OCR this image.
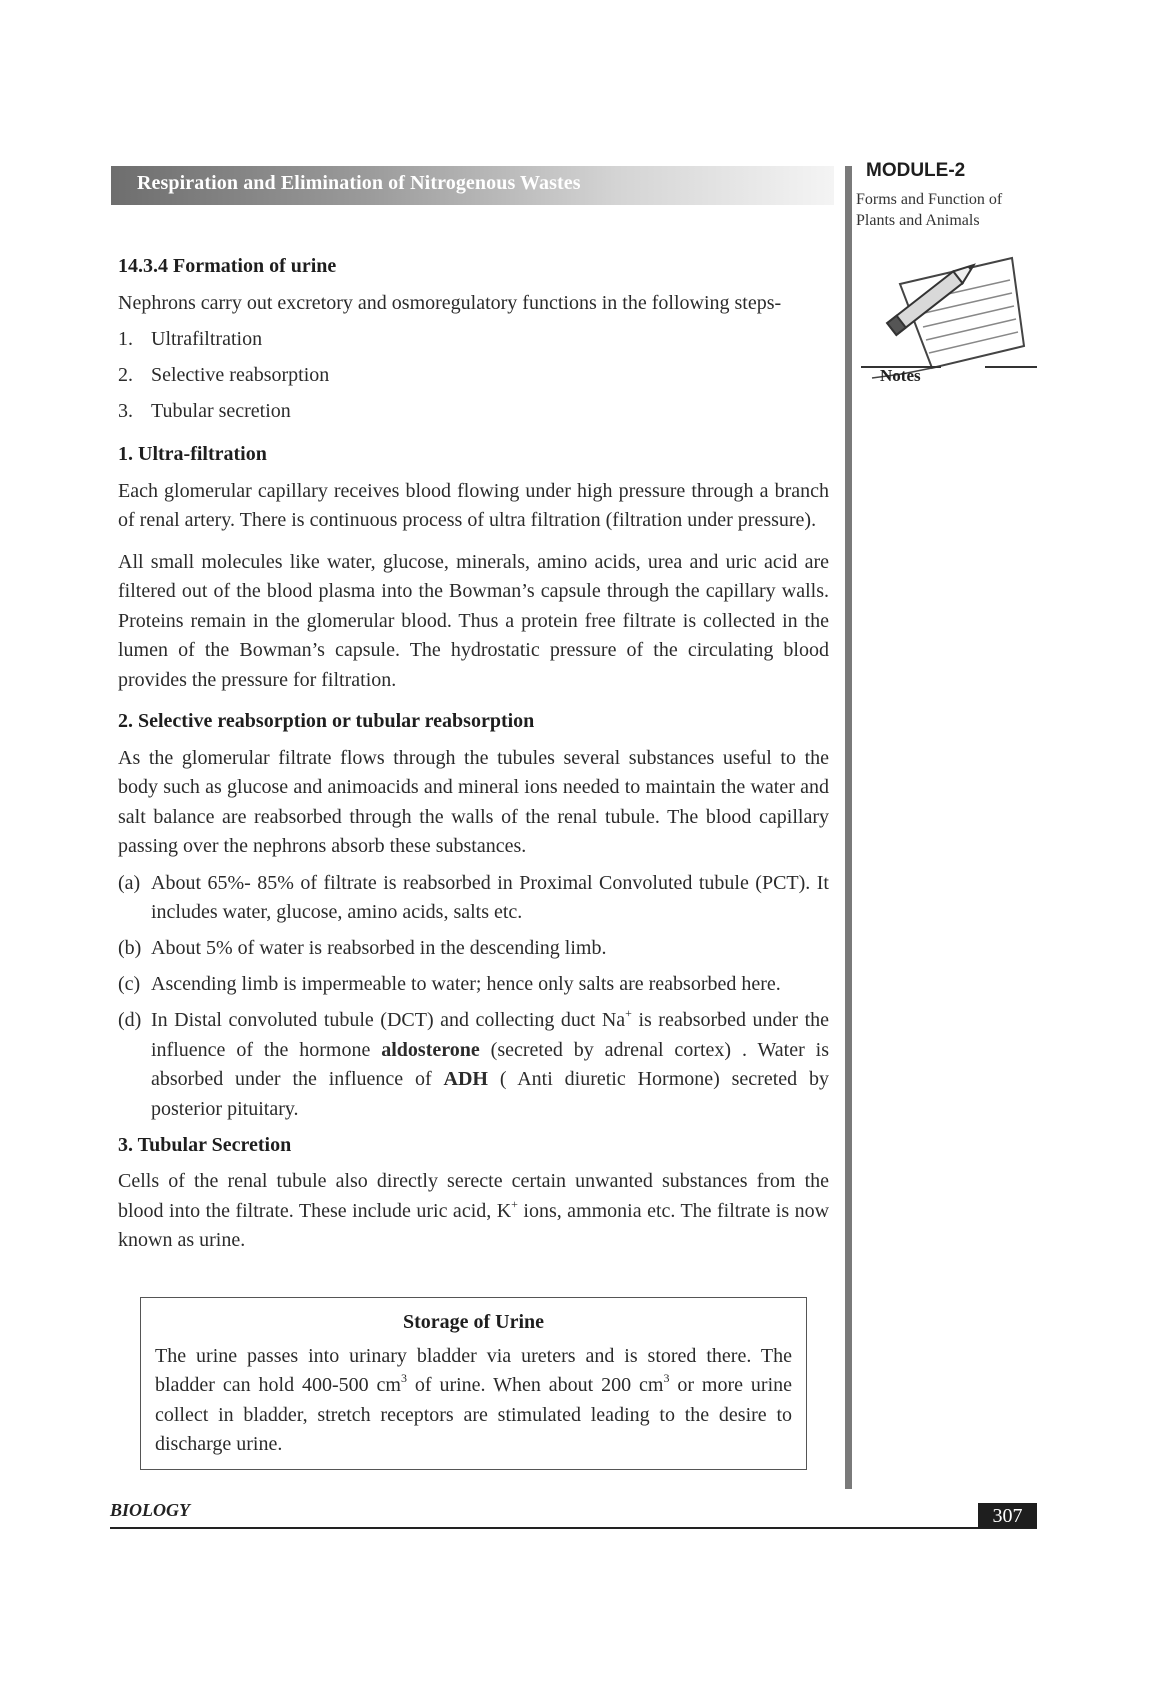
Respiration and Elimination of Nitrogenous Wastes
MODULE-2
Forms and Function of
Plants and Animals
Notes

14.3.4 Formation of urine

Nephrons carry out excretory and osmoregulatory functions in the following steps-

1. Ultrafiltration
2. Selective reabsorption
3. Tubular secretion

1. Ultra-filtration

Each glomerular capillary receives blood flowing under high pressure through a branch of renal artery. There is continuous process of ultra filtration (filtration under pressure).

All small molecules like water, glucose, minerals, amino acids, urea and uric acid are filtered out of the blood plasma into the Bowman’s capsule through the capillary walls. Proteins remain in the glomerular blood. Thus a protein free filtrate is collected in the lumen of the Bowman’s capsule. The hydrostatic pressure of the circulating blood provides the pressure for filtration.

2. Selective reabsorption or tubular reabsorption

As the glomerular filtrate flows through the tubules several substances useful to the body such as glucose and animoacids and mineral ions needed to maintain the water and salt balance are reabsorbed through the walls of the renal tubule. The blood capillary passing over the nephrons absorb these substances.

(a) About 65%- 85% of filtrate is reabsorbed in Proximal Convoluted tubule (PCT). It includes water, glucose, amino acids, salts etc.
(b) About 5% of water is reabsorbed in the descending limb.
(c) Ascending limb is impermeable to water; hence only salts are reabsorbed here.
(d) In Distal convoluted tubule (DCT) and collecting duct Na+ is reabsorbed under the influence of the hormone aldosterone (secreted by adrenal cortex) . Water is absorbed under the influence of ADH ( Anti diuretic Hormone) secreted by posterior pituitary.

3. Tubular Secretion

Cells of the renal tubule also directly serecte certain unwanted substances from the blood into the filtrate. These include uric acid, K+ ions, ammonia etc. The filtrate is now known as urine.

Storage of Urine

The urine passes into urinary bladder via ureters and is stored there. The bladder can hold 400-500 $cm^3$ of urine. When about 200 $cm^3$ or more urine collect in bladder, stretch receptors are stimulated leading to the desire to discharge urine.

BIOLOGY	307
